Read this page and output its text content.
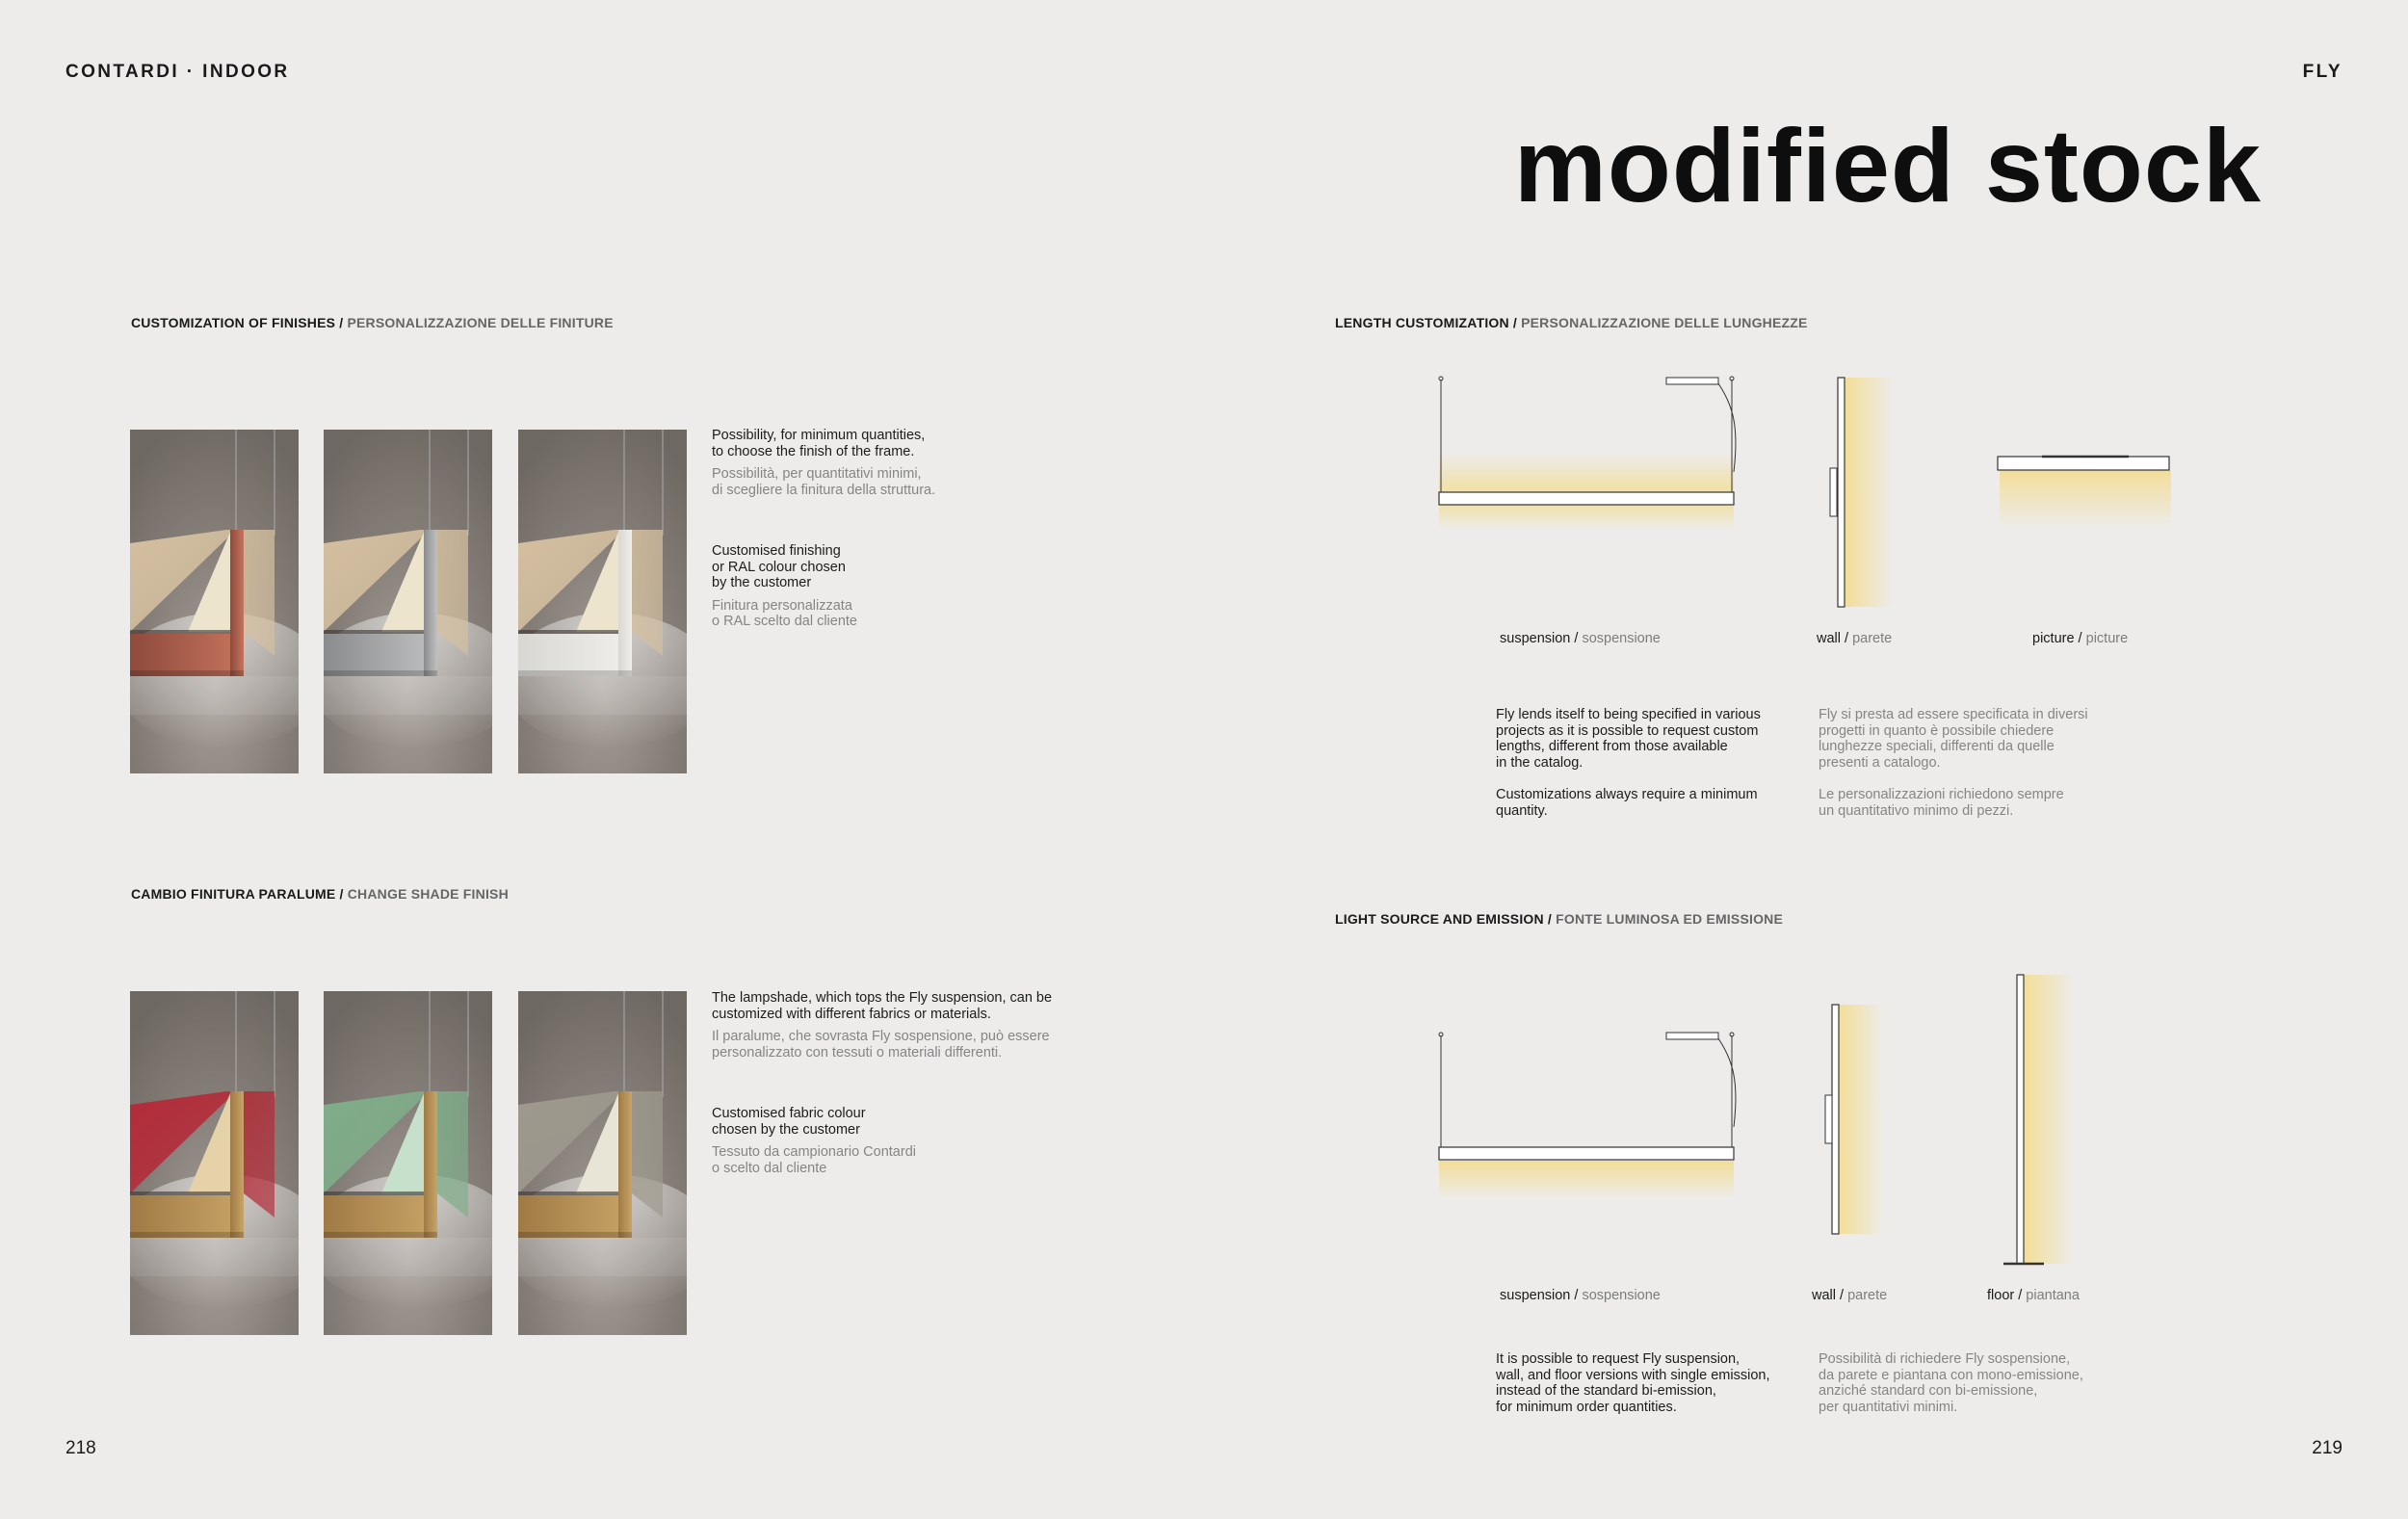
CONTARDI · INDOOR	FLY
modified stock
CUSTOMIZATION OF FINISHES / PERSONALIZZAZIONE DELLE FINITURE
Possibility, for minimum quantities,
to choose the finish of the frame.
Possibilità, per quantitativi minimi,
di scegliere la finitura della struttura.
Customised finishing
or RAL colour chosen
by the customer
Finitura personalizzata
o RAL scelto dal cliente
CAMBIO FINITURA PARALUME / CHANGE SHADE FINISH
The lampshade, which tops the Fly suspension, can be
customized with different fabrics or materials.
Il paralume, che sovrasta Fly sospensione, può essere
personalizzato con tessuti o materiali differenti.
Customised fabric colour
chosen by the customer
Tessuto da campionario Contardi
o scelto dal cliente
218
LENGTH CUSTOMIZATION / PERSONALIZZAZIONE DELLE LUNGHEZZE
suspension / sospensione	wall / parete	picture / picture
Fly lends itself to being specified in various
projects as it is possible to request custom
lengths, different from those available
in the catalog.
Customizations always require a minimum
quantity.
Fly si presta ad essere specificata in diversi
progetti in quanto è possibile chiedere
lunghezze speciali, differenti da quelle
presenti a catalogo.
Le personalizzazioni richiedono sempre
un quantitativo minimo di pezzi.
LIGHT SOURCE AND EMISSION / FONTE LUMINOSA ED EMISSIONE
suspension / sospensione	wall / parete	floor / piantana
It is possible to request Fly suspension,
wall, and floor versions with single emission,
instead of the standard bi-emission,
for minimum order quantities.
Possibilità di richiedere Fly sospensione,
da parete e piantana con mono-emissione,
anziché standard con bi-emissione,
per quantitativi minimi.
219
